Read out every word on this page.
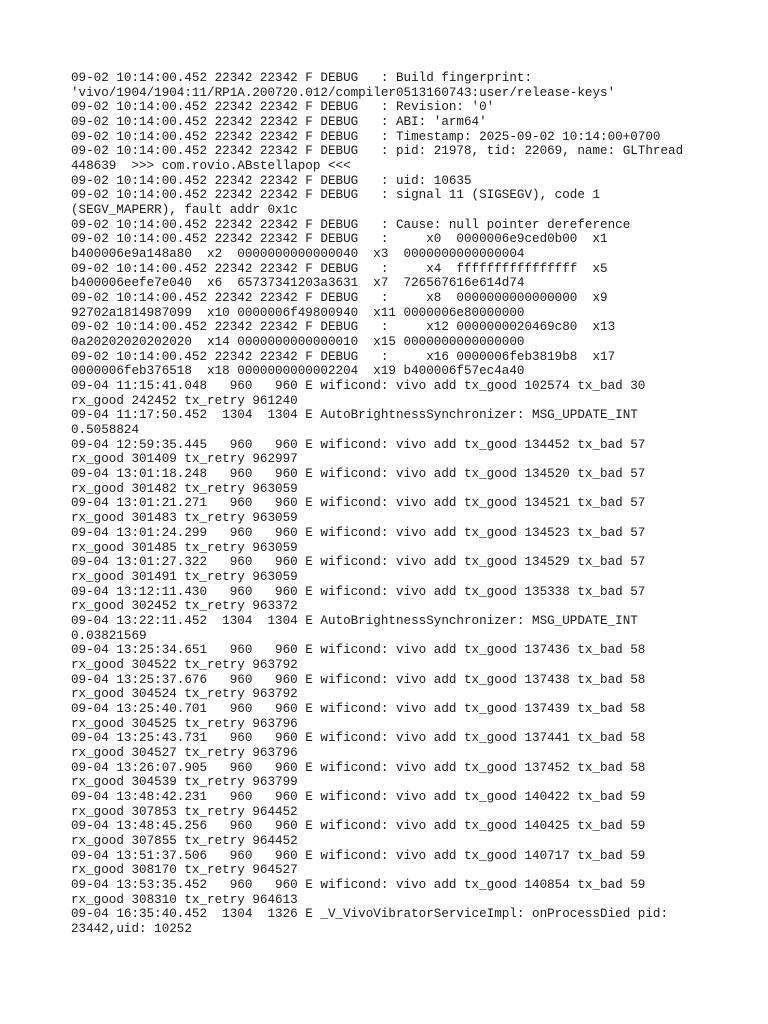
09-02 10:14:00.452 22342 22342 F DEBUG   : Build fingerprint:
'vivo/1904/1904:11/RP1A.200720.012/compiler0513160743:user/release-keys'
09-02 10:14:00.452 22342 22342 F DEBUG   : Revision: '0'
09-02 10:14:00.452 22342 22342 F DEBUG   : ABI: 'arm64'
09-02 10:14:00.452 22342 22342 F DEBUG   : Timestamp: 2025-09-02 10:14:00+0700
09-02 10:14:00.452 22342 22342 F DEBUG   : pid: 21978, tid: 22069, name: GLThread
448639  >>> com.rovio.ABstellapop <<<
09-02 10:14:00.452 22342 22342 F DEBUG   : uid: 10635
09-02 10:14:00.452 22342 22342 F DEBUG   : signal 11 (SIGSEGV), code 1
(SEGV_MAPERR), fault addr 0x1c
09-02 10:14:00.452 22342 22342 F DEBUG   : Cause: null pointer dereference
09-02 10:14:00.452 22342 22342 F DEBUG   :     x0  0000006e9ced0b00  x1
b400006e9a148a80  x2  0000000000000040  x3  0000000000000004
09-02 10:14:00.452 22342 22342 F DEBUG   :     x4  ffffffffffffffff  x5
b400006eefe7e040  x6  65737341203a3631  x7  726567616e614d74
09-02 10:14:00.452 22342 22342 F DEBUG   :     x8  0000000000000000  x9
92702a1814987099  x10 0000006f49800940  x11 0000006e80000000
09-02 10:14:00.452 22342 22342 F DEBUG   :     x12 0000000020469c80  x13
0a20202020202020  x14 0000000000000010  x15 0000000000000000
09-02 10:14:00.452 22342 22342 F DEBUG   :     x16 0000006feb3819b8  x17
0000006feb376518  x18 0000000000002204  x19 b400006f57ec4a40
09-04 11:15:41.048   960   960 E wificond: vivo add tx_good 102574 tx_bad 30
rx_good 242452 tx_retry 961240
09-04 11:17:50.452  1304  1304 E AutoBrightnessSynchronizer: MSG_UPDATE_INT
0.5058824
09-04 12:59:35.445   960   960 E wificond: vivo add tx_good 134452 tx_bad 57
rx_good 301409 tx_retry 962997
09-04 13:01:18.248   960   960 E wificond: vivo add tx_good 134520 tx_bad 57
rx_good 301482 tx_retry 963059
09-04 13:01:21.271   960   960 E wificond: vivo add tx_good 134521 tx_bad 57
rx_good 301483 tx_retry 963059
09-04 13:01:24.299   960   960 E wificond: vivo add tx_good 134523 tx_bad 57
rx_good 301485 tx_retry 963059
09-04 13:01:27.322   960   960 E wificond: vivo add tx_good 134529 tx_bad 57
rx_good 301491 tx_retry 963059
09-04 13:12:11.430   960   960 E wificond: vivo add tx_good 135338 tx_bad 57
rx_good 302452 tx_retry 963372
09-04 13:22:11.452  1304  1304 E AutoBrightnessSynchronizer: MSG_UPDATE_INT
0.03821569
09-04 13:25:34.651   960   960 E wificond: vivo add tx_good 137436 tx_bad 58
rx_good 304522 tx_retry 963792
09-04 13:25:37.676   960   960 E wificond: vivo add tx_good 137438 tx_bad 58
rx_good 304524 tx_retry 963792
09-04 13:25:40.701   960   960 E wificond: vivo add tx_good 137439 tx_bad 58
rx_good 304525 tx_retry 963796
09-04 13:25:43.731   960   960 E wificond: vivo add tx_good 137441 tx_bad 58
rx_good 304527 tx_retry 963796
09-04 13:26:07.905   960   960 E wificond: vivo add tx_good 137452 tx_bad 58
rx_good 304539 tx_retry 963799
09-04 13:48:42.231   960   960 E wificond: vivo add tx_good 140422 tx_bad 59
rx_good 307853 tx_retry 964452
09-04 13:48:45.256   960   960 E wificond: vivo add tx_good 140425 tx_bad 59
rx_good 307855 tx_retry 964452
09-04 13:51:37.506   960   960 E wificond: vivo add tx_good 140717 tx_bad 59
rx_good 308170 tx_retry 964527
09-04 13:53:35.452   960   960 E wificond: vivo add tx_good 140854 tx_bad 59
rx_good 308310 tx_retry 964613
09-04 16:35:40.452  1304  1326 E _V_VivoVibratorServiceImpl: onProcessDied pid:
23442,uid: 10252
